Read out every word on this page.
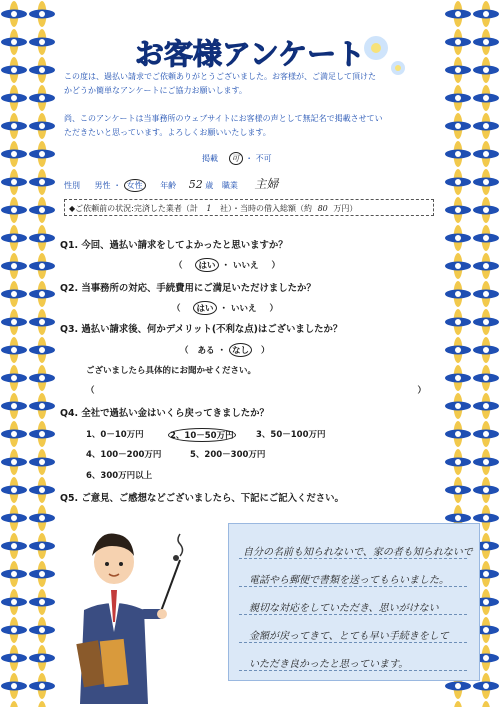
お客様アンケート

この度は、過払い請求でご依頼ありがとうございました。お客様が、ご満足して頂けた
かどうか簡単なアンケートにご協力お願いします。

尚、このアンケートは当事務所のウェブサイトにお客様の声として無記名で掲載させてい
ただきたいと思っています。よろしくお願いいたします。

掲載 可 ・ 不可
性別 男性 ・ 女性 年齢 52 歳 職業 主婦
◆ご依頼前の状況:完済した業者（計 1 社）・当時の借入総額（約 80 万円）
Q1. 今回、過払い請求をしてよかったと思いますか？
（ はい ・ いいえ ）
Q2. 当事務所の対応、手続費用にご満足いただけましたか？
（ はい ・ いいえ ）
Q3. 過払い請求後、何かデメリット(不利な点)はございましたか？
（ ある ・ なし ）
ございましたら具体的にお聞かせください。
（	）
Q4. 全社で過払い金はいくら戻ってきましたか？
1、0－10万円	2、10－50万円	3、50－100万円
4、100－200万円	5、200－300万円
6、300万円以上
Q5. ご意見、ご感想などございましたら、下記にご記入ください。
自分の名前も知られないで、家の者も知られないで
電話やら郵便で書類を送ってもらいました。
親切な対応をしていただき、思いがけない
金額が戻ってきて、とても早い手続きをして
いただき良かったと思っています。
